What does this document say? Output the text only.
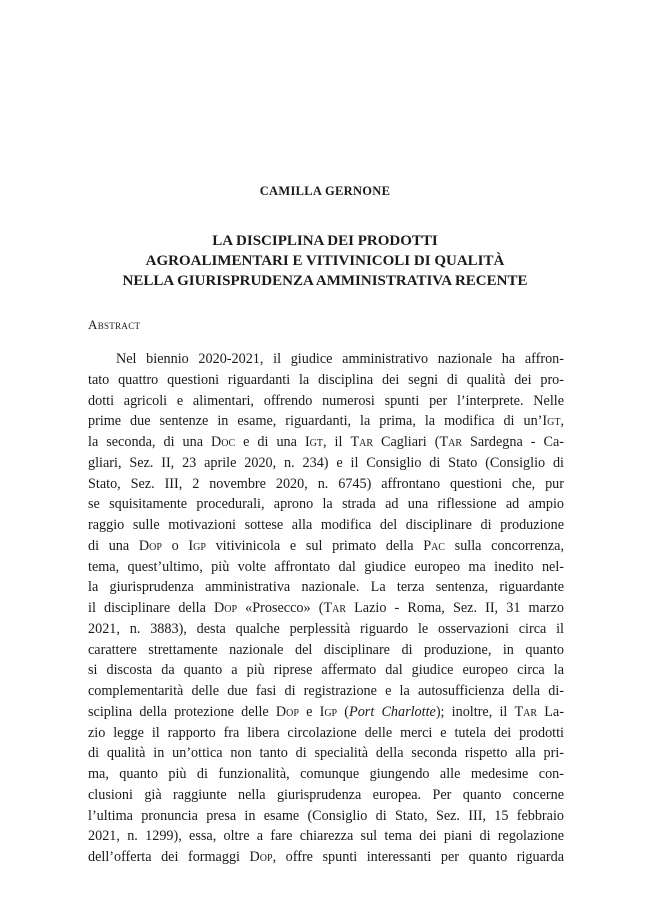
CAMILLA GERNONE
LA DISCIPLINA DEI PRODOTTI
AGROALIMENTARI E VITIVINICOLI DI QUALITÀ
NELLA GIURISPRUDENZA AMMINISTRATIVA RECENTE
Abstract
Nel biennio 2020-2021, il giudice amministrativo nazionale ha affron-
tato quattro questioni riguardanti la disciplina dei segni di qualità dei pro-
dotti agricoli e alimentari, offrendo numerosi spunti per l’interprete. Nelle
prime due sentenze in esame, riguardanti, la prima, la modifica di un’Igt,
la seconda, di una Doc e di una Igt, il Tar Cagliari (Tar Sardegna - Ca-
gliari, Sez. II, 23 aprile 2020, n. 234) e il Consiglio di Stato (Consiglio di
Stato, Sez. III, 2 novembre 2020, n. 6745) affrontano questioni che, pur
se squisitamente procedurali, aprono la strada ad una riflessione ad ampio
raggio sulle motivazioni sottese alla modifica del disciplinare di produzione
di una Dop o Igp vitivinicola e sul primato della Pac sulla concorrenza,
tema, quest’ultimo, più volte affrontato dal giudice europeo ma inedito nel-
la giurisprudenza amministrativa nazionale. La terza sentenza, riguardante
il disciplinare della Dop «Prosecco» (Tar Lazio - Roma, Sez. II, 31 marzo
2021, n. 3883), desta qualche perplessità riguardo le osservazioni circa il
carattere strettamente nazionale del disciplinare di produzione, in quanto
si discosta da quanto a più riprese affermato dal giudice europeo circa la
complementarità delle due fasi di registrazione e la autosufficienza della di-
sciplina della protezione delle Dop e Igp (Port Charlotte); inoltre, il Tar La-
zio legge il rapporto fra libera circolazione delle merci e tutela dei prodotti
di qualità in un’ottica non tanto di specialità della seconda rispetto alla pri-
ma, quanto più di funzionalità, comunque giungendo alle medesime con-
clusioni già raggiunte nella giurisprudenza europea. Per quanto concerne
l’ultima pronuncia presa in esame (Consiglio di Stato, Sez. III, 15 febbraio
2021, n. 1299), essa, oltre a fare chiarezza sul tema dei piani di regolazione
dell’offerta dei formaggi Dop, offre spunti interessanti per quanto riguarda
